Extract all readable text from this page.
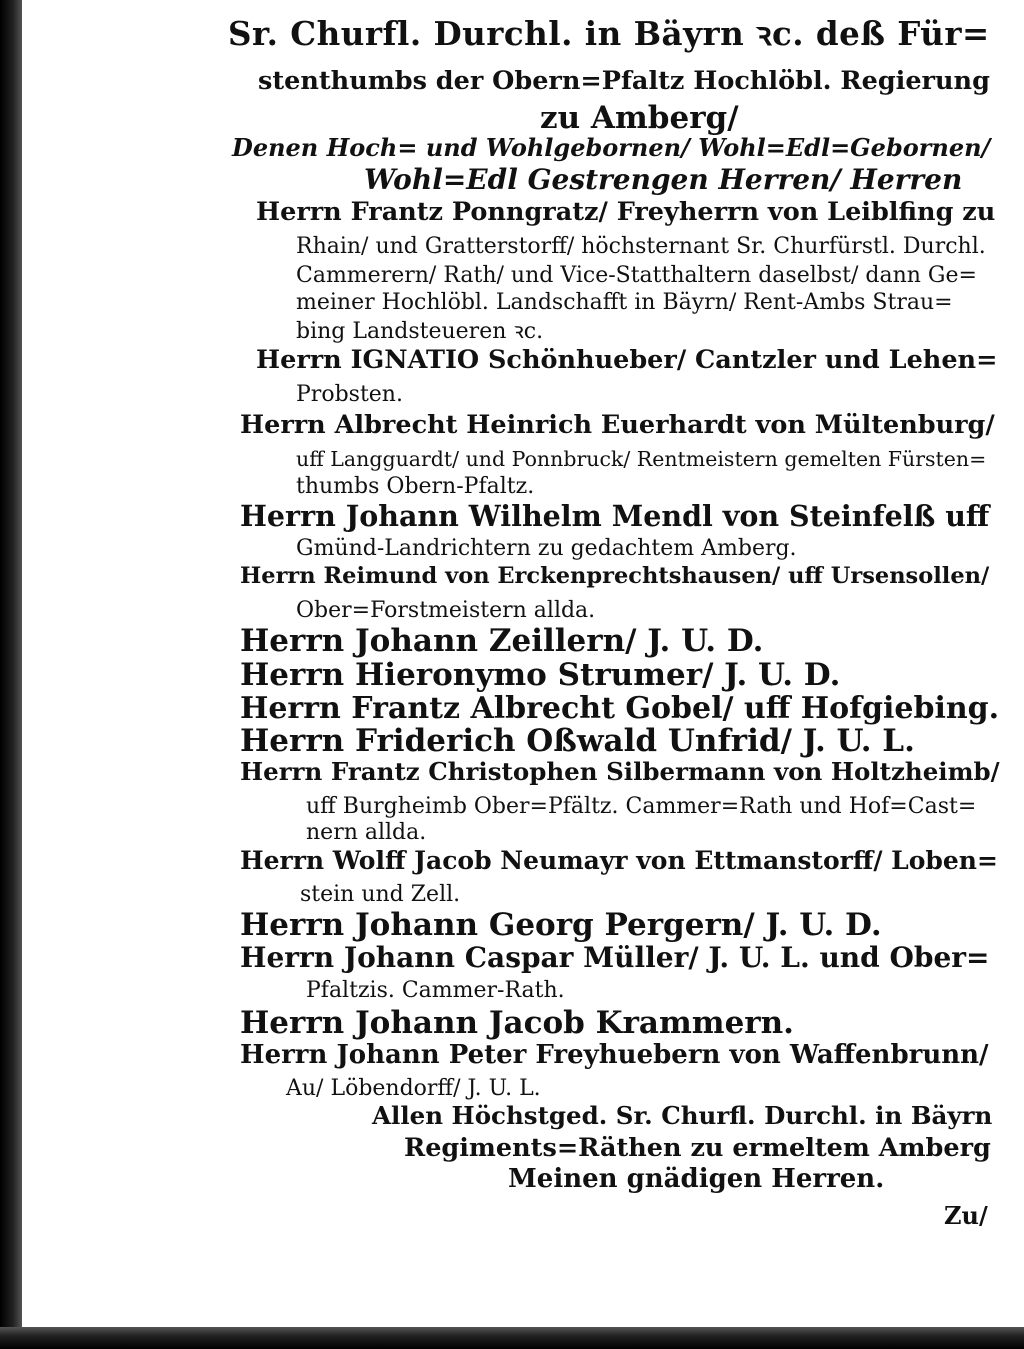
Sr. Churfl. Durchl. in Bäyrn ꝛc. deß Für=
stenthumbs der Obern=Pfaltz Hochlöbl. Regierung
zu Amberg/
Denen Hoch= und Wohlgebornen/ Wohl=Edl=Gebornen/
Wohl=Edl Gestrengen Herren/ Herren
Herrn Frantz Ponngratz/ Freyherrn von Leiblfing zu
Rhain/ und Gratterstorff/ höchsternant Sr. Churfürstl. Durchl.
Cammerern/ Rath/ und Vice-Statthaltern daselbst/ dann Ge=
meiner Hochlöbl. Landschafft in Bäyrn/ Rent-Ambs Strau=
bing Landsteueren ꝛc.
Herrn IGNATIO Schönhueber/ Cantzler und Lehen=
Probsten.
Herrn Albrecht Heinrich Euerhardt von Mültenburg/
uff Langguardt/ und Ponnbruck/ Rentmeistern gemelten Fürsten=
thumbs Obern-Pfaltz.
Herrn Johann Wilhelm Mendl von Steinfelß uff
Gmünd-Landrichtern zu gedachtem Amberg.
Herrn Reimund von Erckenprechtshausen/ uff Ursensollen/
Ober=Forstmeistern allda.
Herrn Johann Zeillern/ J. U. D.
Herrn Hieronymo Strumer/ J. U. D.
Herrn Frantz Albrecht Gobel/ uff Hofgiebing.
Herrn Friderich Oßwald Unfrid/ J. U. L.
Herrn Frantz Christophen Silbermann von Holtzheimb/
uff Burgheimb Ober=Pfältz. Cammer=Rath und Hof=Cast=
nern allda.
Herrn Wolff Jacob Neumayr von Ettmanstorff/ Loben=
stein und Zell.
Herrn Johann Georg Pergern/ J. U. D.
Herrn Johann Caspar Müller/ J. U. L. und Ober=
Pfaltzis. Cammer-Rath.
Herrn Johann Jacob Krammern.
Herrn Johann Peter Freyhuebern von Waffenbrunn/
Au/ Löbendorff/ J. U. L.
Allen Höchstged. Sr. Churfl. Durchl. in Bäyrn
Regiments=Räthen zu ermeltem Amberg
Meinen gnädigen Herren.
Zu/
